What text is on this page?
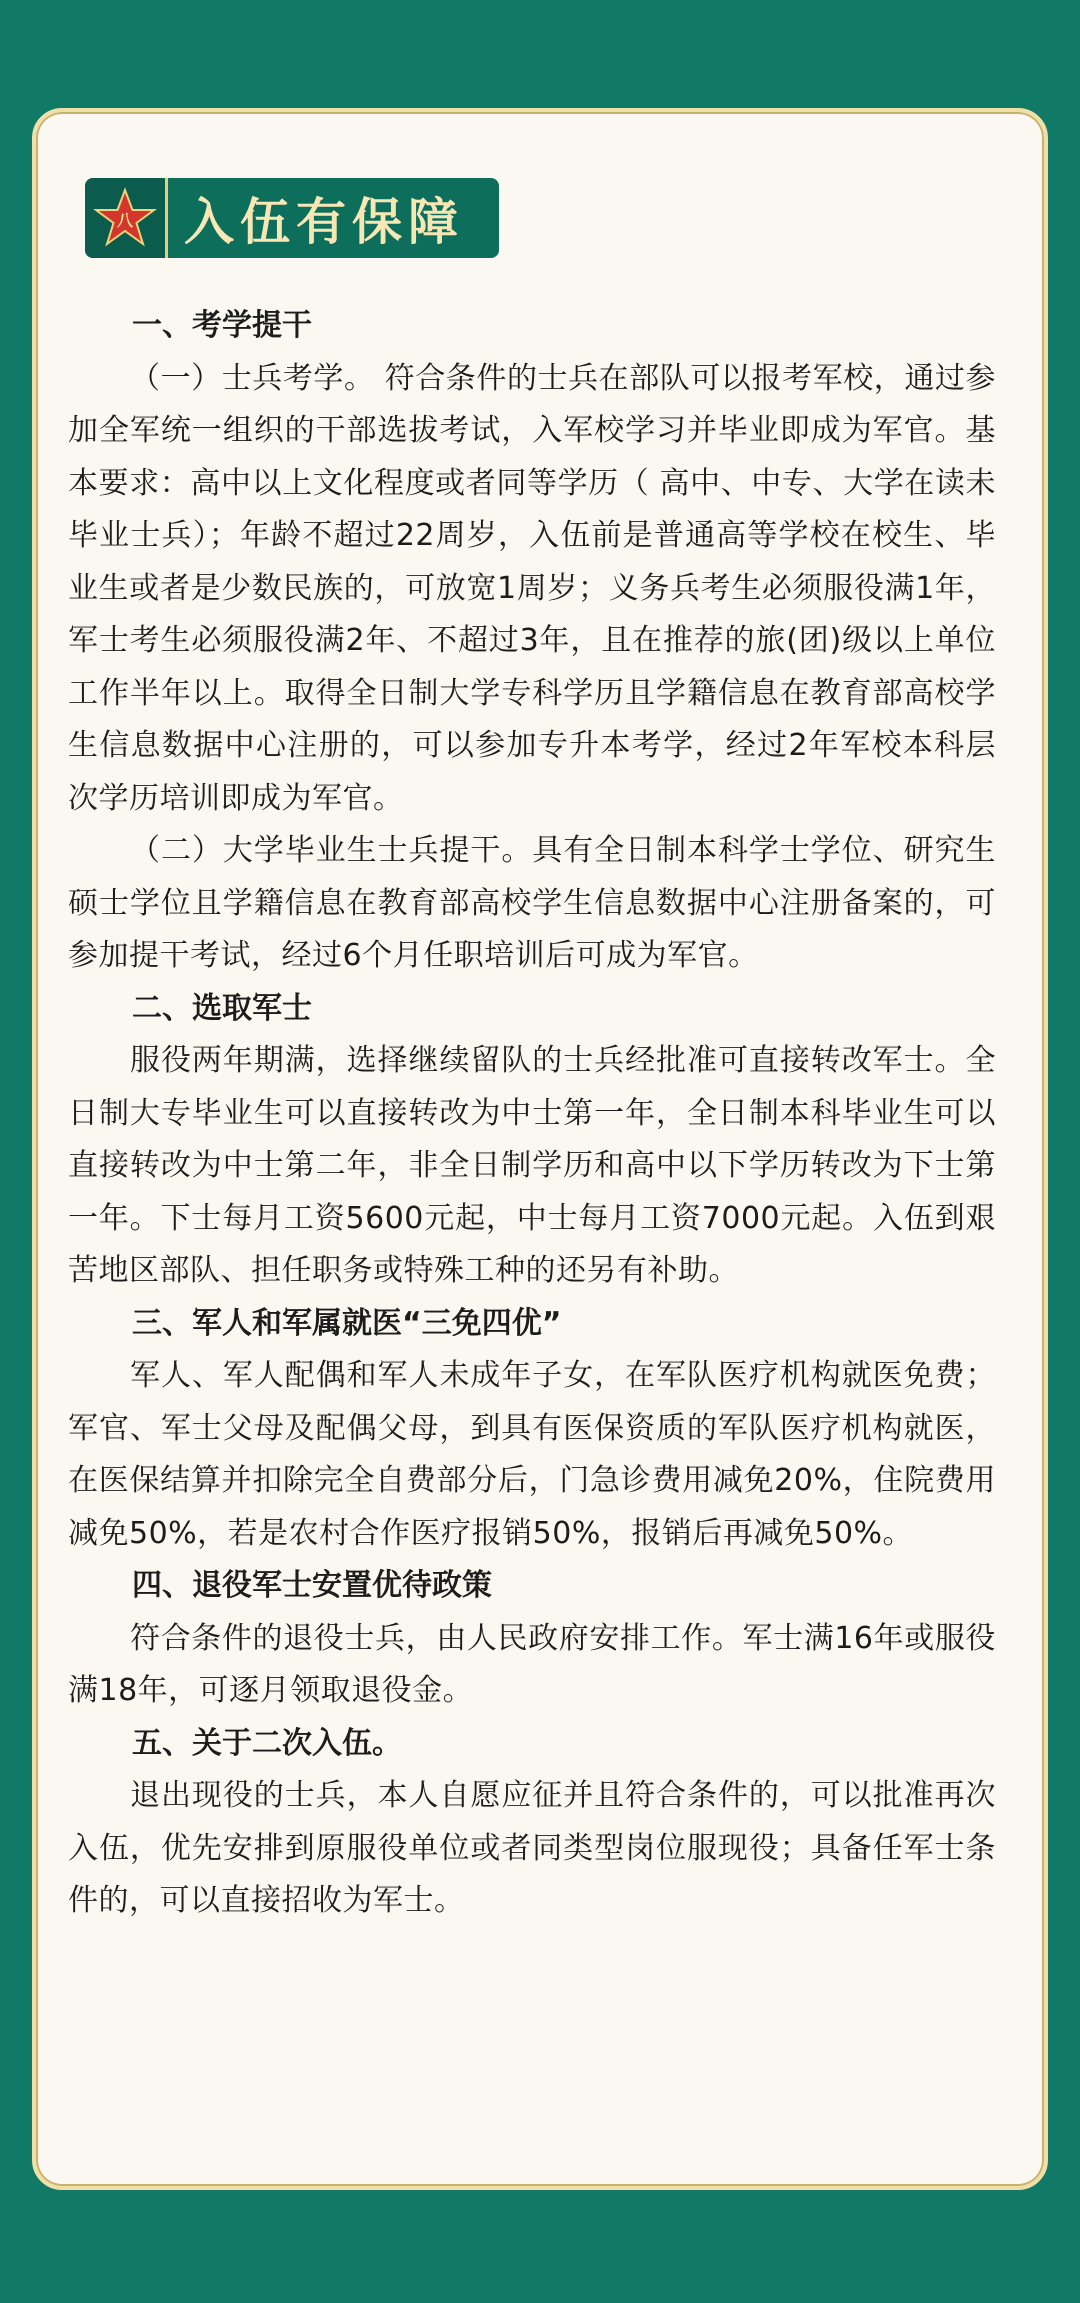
八	入伍有保障

一、考学提干

（一）士兵考学。 符合条件的士兵在部队可以报考军校，通过参加全军统一组织的干部选拔考试，入军校学习并毕业即成为军官。基本要求：高中以上文化程度或者同等学历（ 高中、中专、大学在读未毕业士兵）；年龄不超过22周岁，入伍前是普通高等学校在校生、毕业生或者是少数民族的，可放宽1周岁；义务兵考生必须服役满1年，军士考生必须服役满2年、不超过3年，且在推荐的旅(团)级以上单位工作半年以上。取得全日制大学专科学历且学籍信息在教育部高校学生信息数据中心注册的，可以参加专升本考学，经过2年军校本科层次学历培训即成为军官。

（二）大学毕业生士兵提干。具有全日制本科学士学位、研究生硕士学位且学籍信息在教育部高校学生信息数据中心注册备案的，可参加提干考试，经过6个月任职培训后可成为军官。

二、选取军士

服役两年期满，选择继续留队的士兵经批准可直接转改军士。全日制大专毕业生可以直接转改为中士第一年，全日制本科毕业生可以直接转改为中士第二年，非全日制学历和高中以下学历转改为下士第一年。下士每月工资5600元起，中士每月工资7000元起。入伍到艰苦地区部队、担任职务或特殊工种的还另有补助。

三、军人和军属就医“三免四优”

军人、军人配偶和军人未成年子女，在军队医疗机构就医免费；军官、军士父母及配偶父母，到具有医保资质的军队医疗机构就医，在医保结算并扣除完全自费部分后，门急诊费用减免20%，住院费用减免50%，若是农村合作医疗报销50%，报销后再减免50%。

四、退役军士安置优待政策

符合条件的退役士兵，由人民政府安排工作。军士满16年或服役满18年，可逐月领取退役金。

五、关于二次入伍。

退出现役的士兵，本人自愿应征并且符合条件的，可以批准再次入伍，优先安排到原服役单位或者同类型岗位服现役；具备任军士条件的，可以直接招收为军士。
